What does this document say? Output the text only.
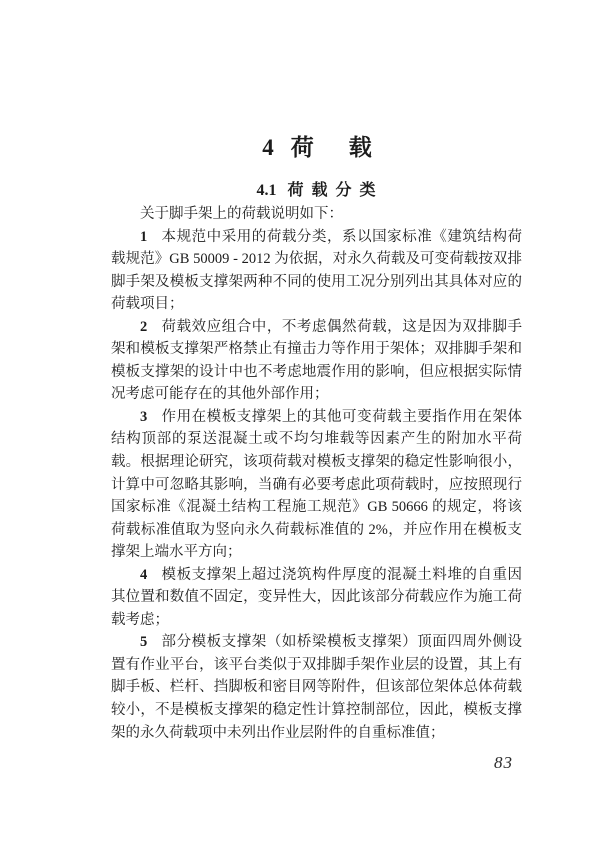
4 荷 载
4.1 荷 载 分 类

关于脚手架上的荷载说明如下：

1 本规范中采用的荷载分类，系以国家标准《建筑结构荷载规范》GB 50009 - 2012 为依据，对永久荷载及可变荷载按双排脚手架及模板支撑架两种不同的使用工况分别列出其具体对应的荷载项目；

2 荷载效应组合中，不考虑偶然荷载，这是因为双排脚手架和模板支撑架严格禁止有撞击力等作用于架体；双排脚手架和模板支撑架的设计中也不考虑地震作用的影响，但应根据实际情况考虑可能存在的其他外部作用；

3 作用在模板支撑架上的其他可变荷载主要指作用在架体结构顶部的泵送混凝土或不均匀堆载等因素产生的附加水平荷载。根据理论研究，该项荷载对模板支撑架的稳定性影响很小，计算中可忽略其影响，当确有必要考虑此项荷载时，应按照现行国家标准《混凝土结构工程施工规范》GB 50666 的规定，将该荷载标准值取为竖向永久荷载标准值的 2%，并应作用在模板支撑架上端水平方向；

4 模板支撑架上超过浇筑构件厚度的混凝土料堆的自重因其位置和数值不固定，变异性大，因此该部分荷载应作为施工荷载考虑；

5 部分模板支撑架（如桥梁模板支撑架）顶面四周外侧设置有作业平台，该平台类似于双排脚手架作业层的设置，其上有脚手板、栏杆、挡脚板和密目网等附件，但该部位架体总体荷载较小，不是模板支撑架的稳定性计算控制部位，因此，模板支撑架的永久荷载项中未列出作业层附件的自重标准值；

83
